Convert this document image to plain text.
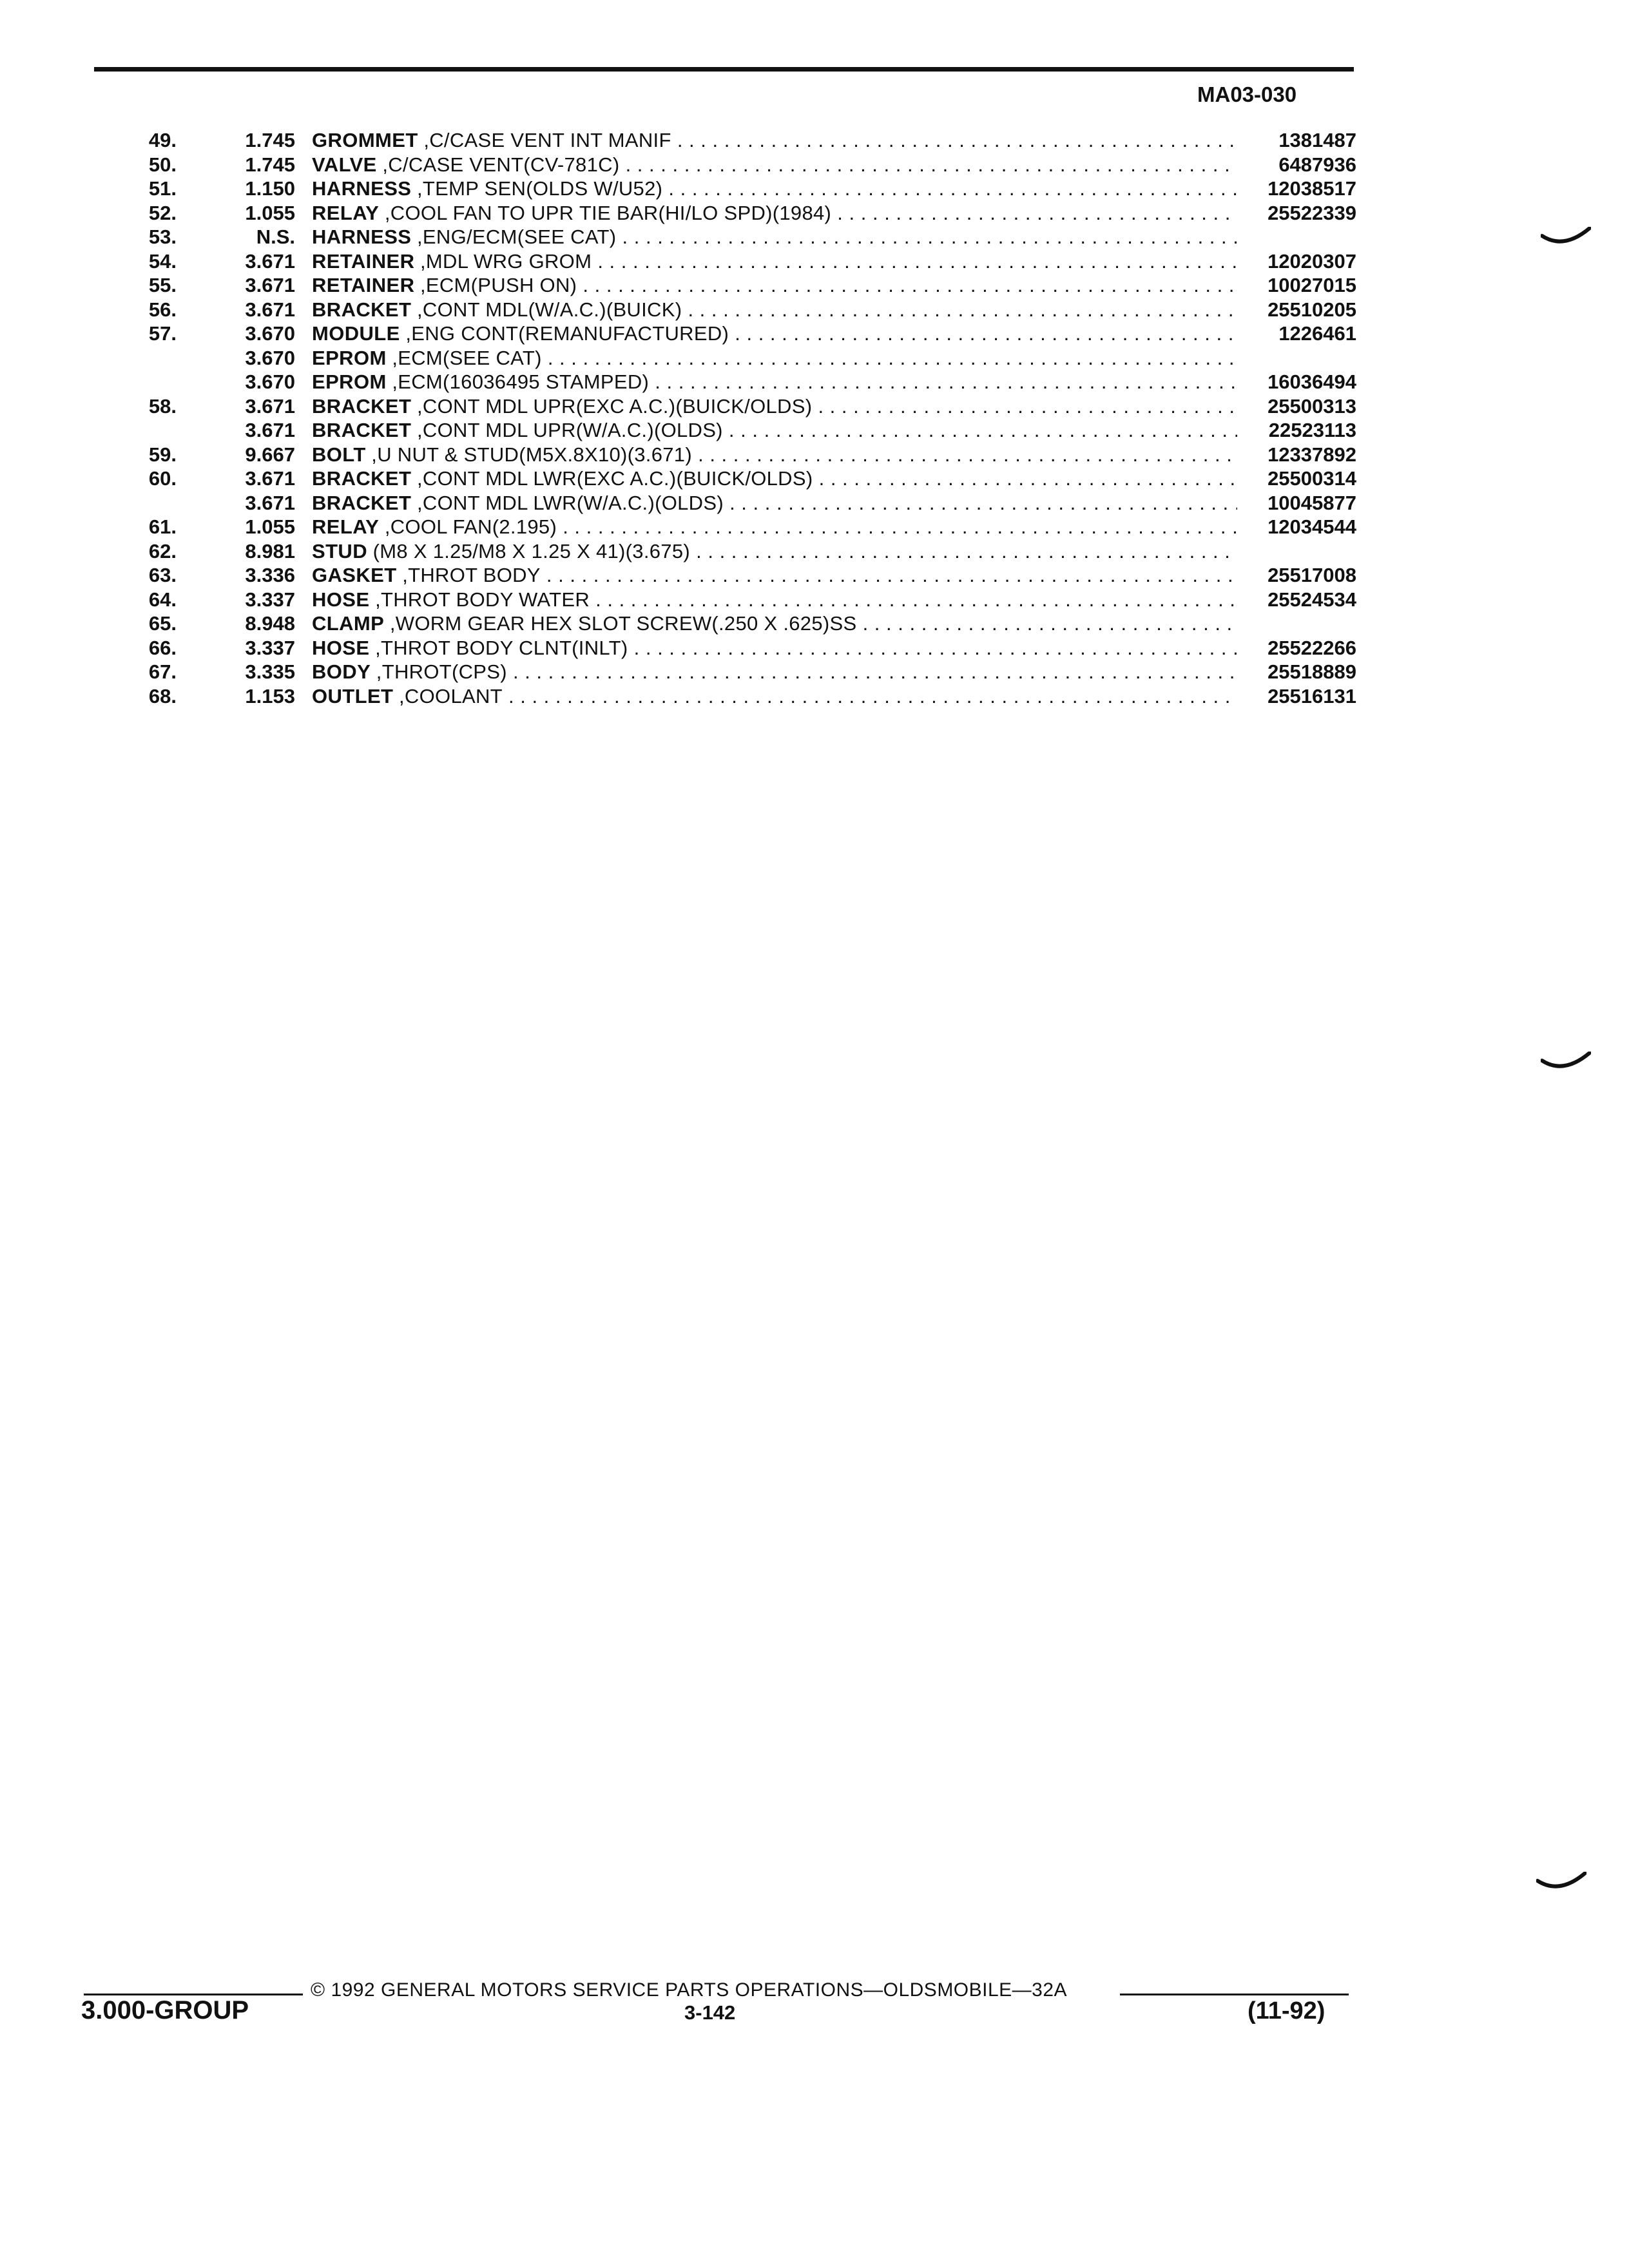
MA03-030
49.	1.745 GROMMET ,C/CASE VENT INT MANIF . . .	1381487
50.	1.745 VALVE ,C/CASE VENT(CV-781C) . . .	6487936
51.	1.150 HARNESS ,TEMP SEN(OLDS W/U52) . . .	12038517
52.	1.055 RELAY ,COOL FAN TO UPR TIE BAR(HI/LO SPD)(1984) . . .	25522339
53.	N.S. HARNESS ,ENG/ECM(SEE CAT) . . .
54.	3.671 RETAINER ,MDL WRG GROM . . .	12020307
55.	3.671 RETAINER ,ECM(PUSH ON) . . .	10027015
56.	3.671 BRACKET ,CONT MDL(W/A.C.)(BUICK) . . .	25510205
57.	3.670 MODULE ,ENG CONT(REMANUFACTURED) . . .	1226461
3.670 EPROM ,ECM(SEE CAT) . . .
3.670 EPROM ,ECM(16036495 STAMPED) . . .	16036494
58.	3.671 BRACKET ,CONT MDL UPR(EXC A.C.)(BUICK/OLDS) . . .	25500313
3.671 BRACKET ,CONT MDL UPR(W/A.C.)(OLDS) . . .	22523113
59.	9.667 BOLT ,U NUT & STUD(M5X.8X10)(3.671) . . .	12337892
60.	3.671 BRACKET ,CONT MDL LWR(EXC A.C.)(BUICK/OLDS) . . .	25500314
3.671 BRACKET ,CONT MDL LWR(W/A.C.)(OLDS) . . .	10045877
61.	1.055 RELAY ,COOL FAN(2.195) . . .	12034544
62.	8.981 STUD (M8 X 1.25/M8 X 1.25 X 41)(3.675) . . .
63.	3.336 GASKET ,THROT BODY . . .	25517008
64.	3.337 HOSE ,THROT BODY WATER . . .	25524534
65.	8.948 CLAMP ,WORM GEAR HEX SLOT SCREW(.250 X .625)SS . . .
66.	3.337 HOSE ,THROT BODY CLNT(INLT) . . .	25522266
67.	3.335 BODY ,THROT(CPS) . . .	25518889
68.	1.153 OUTLET ,COOLANT . . .	25516131
© 1992 GENERAL MOTORS SERVICE PARTS OPERATIONS—OLDSMOBILE—32A
3.000-GROUP	3-142	(11-92)
